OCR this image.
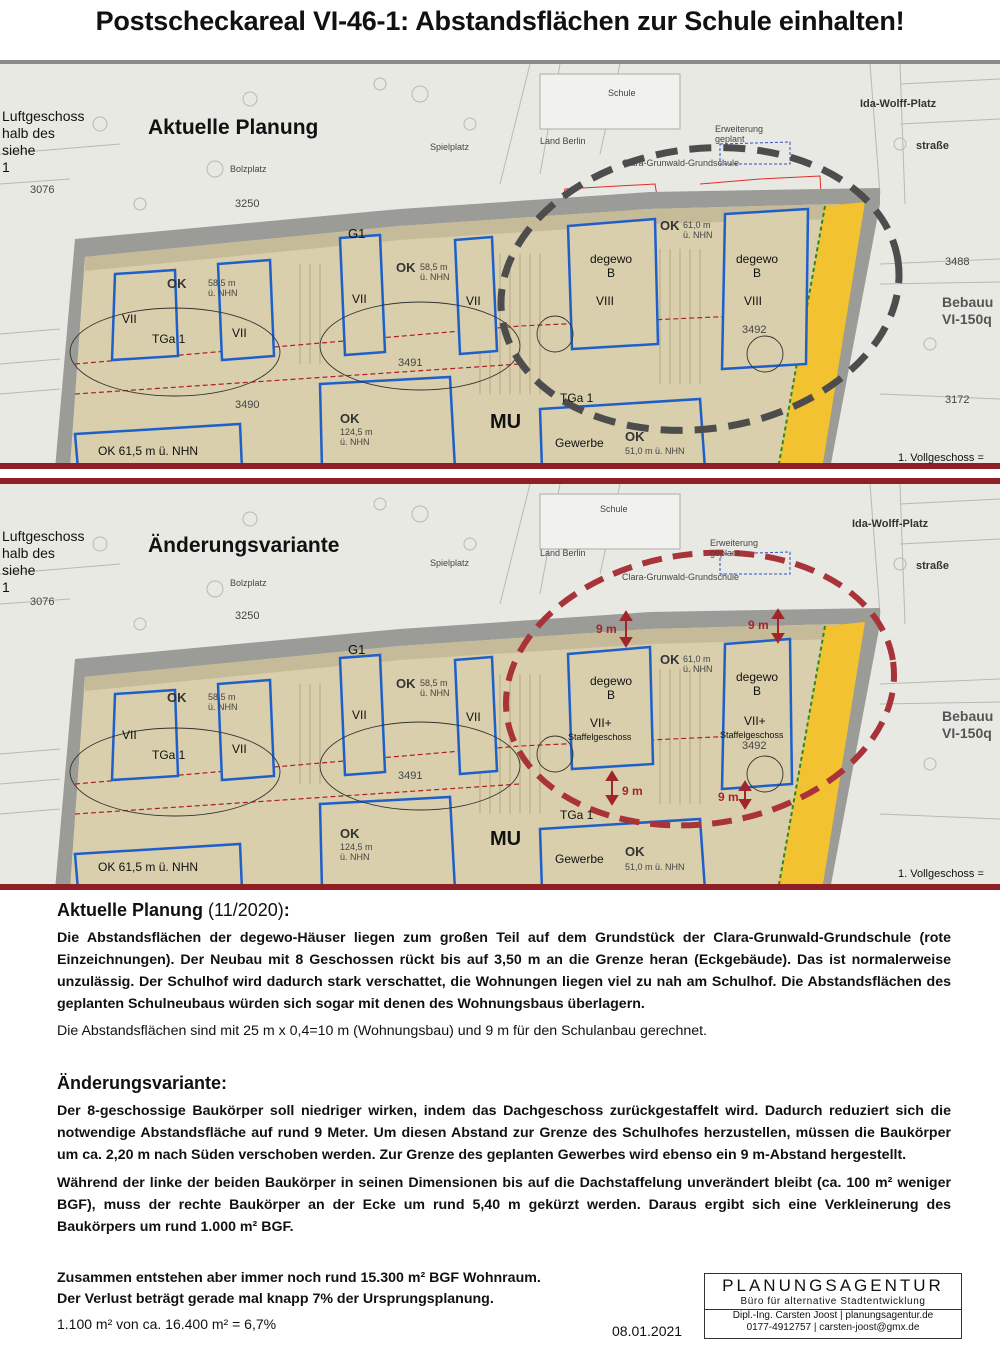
Postscheckareal VI-46-1: Abstandsflächen zur Schule einhalten!
Luftgeschoss
halb des
siehe
1
Aktuelle Planung
Schule
Ida-Wolff-Platz
straße
Erweiterung
geplant
Land Berlin
Clara-Grunwald-Grundschule
Spielplatz
Bolzplatz
3250
3076
3490
3491
3492
3488
3172
Bebauu
VI-150q
G1
TGa 1
TGa 1
MU
Gewerbe
OK 58,5 m
ü. NHN
OK 58,5 m
ü. NHN
OK 61,0 m
ü. NHN
OK
124,5 m
ü. NHN
OK 61,5 m ü. NHN
OK
51,0 m ü. NHN
VII
VII
VII	VII
degewo
B
degewo
B
VIII	VIII
1. Vollgeschoss =
Luftgeschoss
halb des
siehe
1
Änderungsvariante
Schule
Ida-Wolff-Platz
straße
Erweiterung
geplant
Land Berlin
Clara-Grunwald-Grundschule
Spielplatz
Bolzplatz
3250
3076
3491
3492
Bebauu
VI-150q
G1
TGa 1
TGa 1
MU
Gewerbe
OK 58,5 m
ü. NHN
OK 58,5 m
ü. NHN
OK 61,0 m
ü. NHN
OK
124,5 m
ü. NHN
OK 61,5 m ü. NHN
OK
51,0 m ü. NHN
VII
VII
VII	VII
degewo
B
degewo
B
VII+
Staffelgeschoss
VII+
Staffelgeschoss
9 m	9 m
9 m	9 m
1. Vollgeschoss =
Aktuelle Planung (11/2020):

Die Abstandsflächen der degewo-Häuser liegen zum großen Teil auf dem Grundstück der Clara-Grunwald-Grundschule (rote Einzeichnungen). Der Neubau mit 8 Geschossen rückt bis auf 3,50 m an die Grenze heran (Eckgebäude). Das ist normalerweise unzulässig. Der Schulhof wird dadurch stark verschattet, die Wohnungen liegen viel zu nah am Schulhof. Die Abstandsflächen des geplanten Schulneubaus würden sich sogar mit denen des Wohnungsbaus überlagern.

Die Abstandsflächen sind mit 25 m x 0,4=10 m (Wohnungsbau) und 9 m für den Schulanbau gerechnet.

Änderungsvariante:

Der 8-geschossige Baukörper soll niedriger wirken, indem das Dachgeschoss zurückgestaffelt wird. Dadurch reduziert sich die notwendige Abstandsfläche auf rund 9 Meter. Um diesen Abstand zur Grenze des Schulhofes herzustellen, müssen die Baukörper um ca. 2,20 m nach Süden verschoben werden. Zur Grenze des geplanten Gewerbes wird ebenso ein 9 m-Abstand hergestellt.

Während der linke der beiden Baukörper in seinen Dimensionen bis auf die Dachstaffelung unverändert bleibt (ca. 100 m² weniger BGF), muss der rechte Baukörper an der Ecke um rund 5,40 m gekürzt werden. Daraus ergibt sich eine Verkleinerung des Baukörpers um rund 1.000 m² BGF.

Zusammen entstehen aber immer noch rund 15.300 m² BGF Wohnraum.
Der Verlust beträgt gerade mal knapp 7% der Ursprungsplanung.
1.100 m² von ca. 16.400 m² = 6,7%	08.01.2021
PLANUNGSAGENTUR
Büro für alternative Stadtentwicklung
Dipl.-Ing. Carsten Joost | planungsagentur.de
0177-4912757 | carsten-joost@gmx.de
